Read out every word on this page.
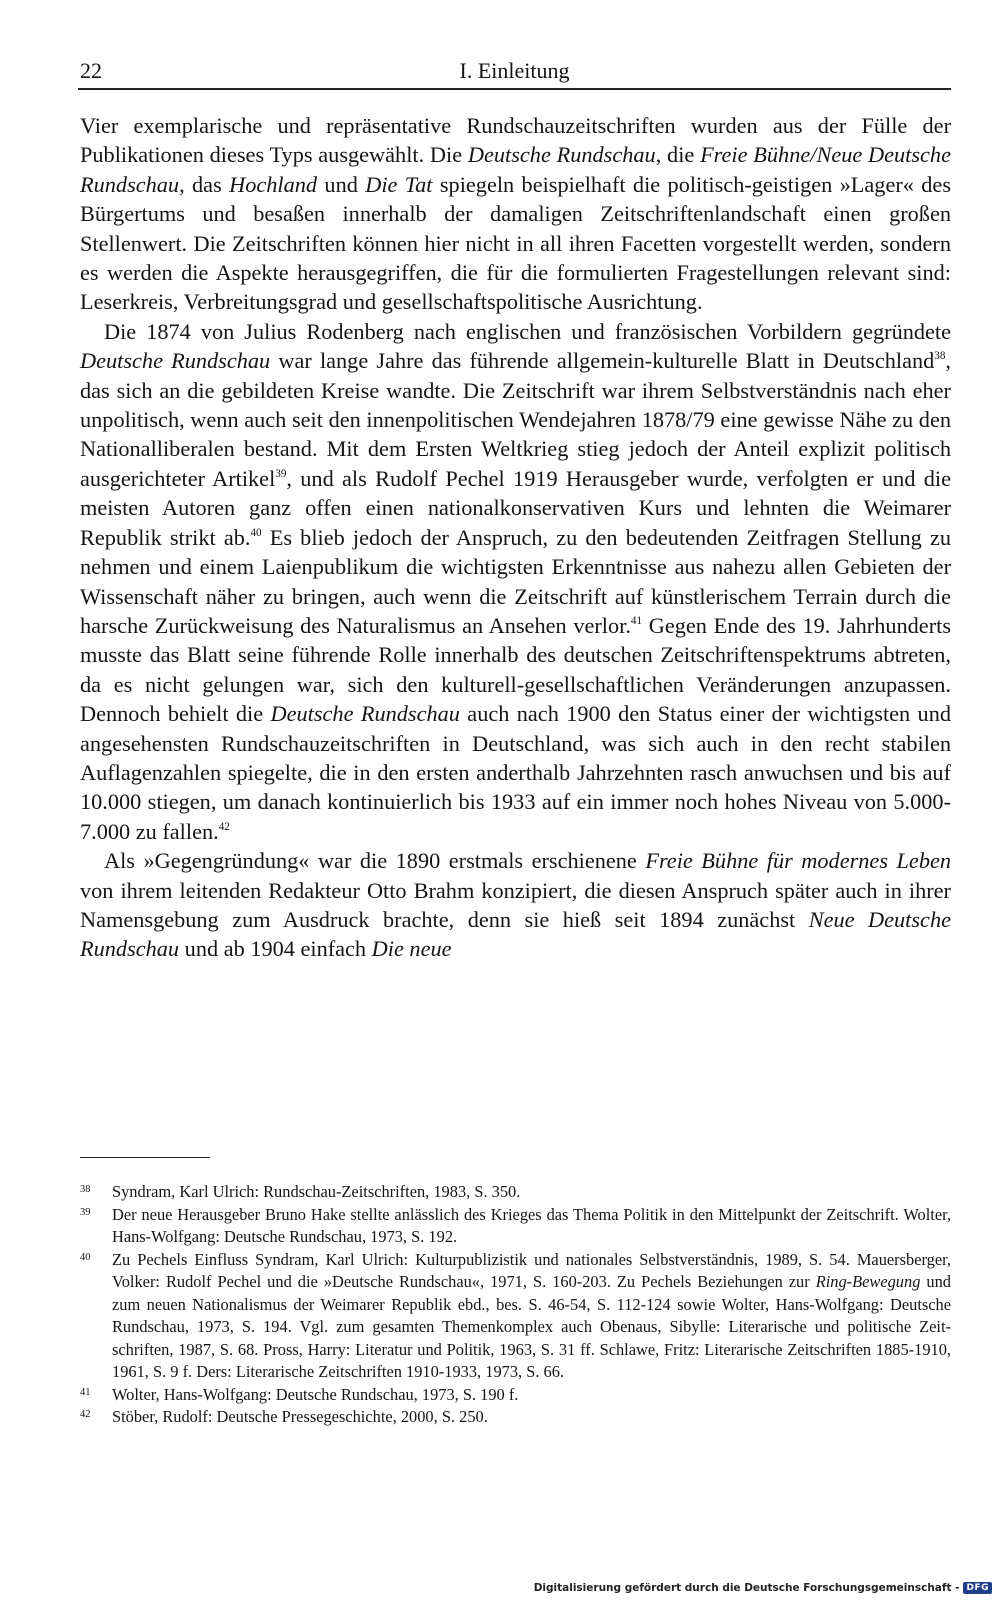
22	I. Einleitung

Vier exemplarische und repräsentative Rundschauzeitschriften wurden aus der Fülle der Publikationen dieses Typs ausgewählt. Die Deutsche Rundschau, die Freie Bühne/Neue Deutsche Rundschau, das Hochland und Die Tat spiegeln beispielhaft die politisch-geistigen »Lager« des Bürgertums und besaßen innerhalb der damaligen Zeitschriftenlandschaft einen großen Stellenwert. Die Zeitschriften können hier nicht in all ihren Facetten vorgestellt werden, sondern es werden die Aspekte herausgegriffen, die für die formulierten Fragestellungen relevant sind: Leserkreis, Verbreitungsgrad und gesellschaftspolitische Ausrichtung.

Die 1874 von Julius Rodenberg nach englischen und französischen Vorbildern gegründete Deutsche Rundschau war lange Jahre das führende allgemein-kulturelle Blatt in Deutschland$^{38}$, das sich an die gebildeten Kreise wandte. Die Zeitschrift war ihrem Selbstverständnis nach eher unpolitisch, wenn auch seit den innenpolitischen Wendejahren 1878/79 eine gewisse Nähe zu den Nationalliberalen bestand. Mit dem Ersten Weltkrieg stieg jedoch der Anteil explizit politisch ausgerichteter Artikel$^{39}$, und als Rudolf Pechel 1919 Herausgeber wurde, verfolgten er und die meisten Autoren ganz offen einen nationalkonservativen Kurs und lehnten die Weimarer Republik strikt ab.$^{40}$ Es blieb jedoch der Anspruch, zu den bedeutenden Zeitfragen Stellung zu nehmen und einem Laienpublikum die wichtigsten Erkenntnisse aus nahezu allen Gebieten der Wissenschaft näher zu bringen, auch wenn die Zeitschrift auf künstlerischem Terrain durch die harsche Zurückweisung des Naturalismus an Ansehen verlor.$^{41}$ Gegen Ende des 19. Jahrhunderts musste das Blatt seine führende Rolle innerhalb des deutschen Zeitschriftenspektrums abtreten, da es nicht gelungen war, sich den kulturell-gesellschaftlichen Veränderungen anzupassen. Dennoch behielt die Deutsche Rundschau auch nach 1900 den Status einer der wichtigsten und angesehensten Rundschauzeitschriften in Deutschland, was sich auch in den recht stabilen Auflagenzahlen spiegelte, die in den ersten anderthalb Jahrzehnten rasch anwuchsen und bis auf 10.000 stiegen, um danach kontinuierlich bis 1933 auf ein immer noch hohes Niveau von 5.000-7.000 zu fallen.$^{42}$

Als »Gegengründung« war die 1890 erstmals erschienene Freie Bühne für modernes Leben von ihrem leitenden Redakteur Otto Brahm konzipiert, die diesen Anspruch später auch in ihrer Namensgebung zum Ausdruck brachte, denn sie hieß seit 1894 zunächst Neue Deutsche Rundschau und ab 1904 einfach Die neue

38 Syndram, Karl Ulrich: Rundschau-Zeitschriften, 1983, S. 350.
39 Der neue Herausgeber Bruno Hake stellte anlässlich des Krieges das Thema Politik in den Mittelpunkt der Zeitschrift. Wolter, Hans-Wolfgang: Deutsche Rundschau, 1973, S. 192.
40 Zu Pechels Einfluss Syndram, Karl Ulrich: Kulturpublizistik und nationales Selbstverständnis, 1989, S. 54. Mauersberger, Volker: Rudolf Pechel und die »Deutsche Rundschau«, 1971, S. 160-203. Zu Pechels Beziehungen zur Ring-Bewegung und zum neuen Nationalismus der Weimarer Republik ebd., bes. S. 46-54, S. 112-124 sowie Wolter, Hans-Wolfgang: Deutsche Rundschau, 1973, S. 194. Vgl. zum gesamten Themenkomplex auch Obenaus, Sibylle: Literarische und politische Zeitschriften, 1987, S. 68. Pross, Harry: Literatur und Politik, 1963, S. 31 ff. Schlawe, Fritz: Literarische Zeitschriften 1885-1910, 1961, S. 9 f. Ders: Literarische Zeitschriften 1910-1933, 1973, S. 66.
41 Wolter, Hans-Wolfgang: Deutsche Rundschau, 1973, S. 190 f.
42 Stöber, Rudolf: Deutsche Pressegeschichte, 2000, S. 250.
Digitalisierung gefördert durch die Deutsche Forschungsgemeinschaft - DFG
